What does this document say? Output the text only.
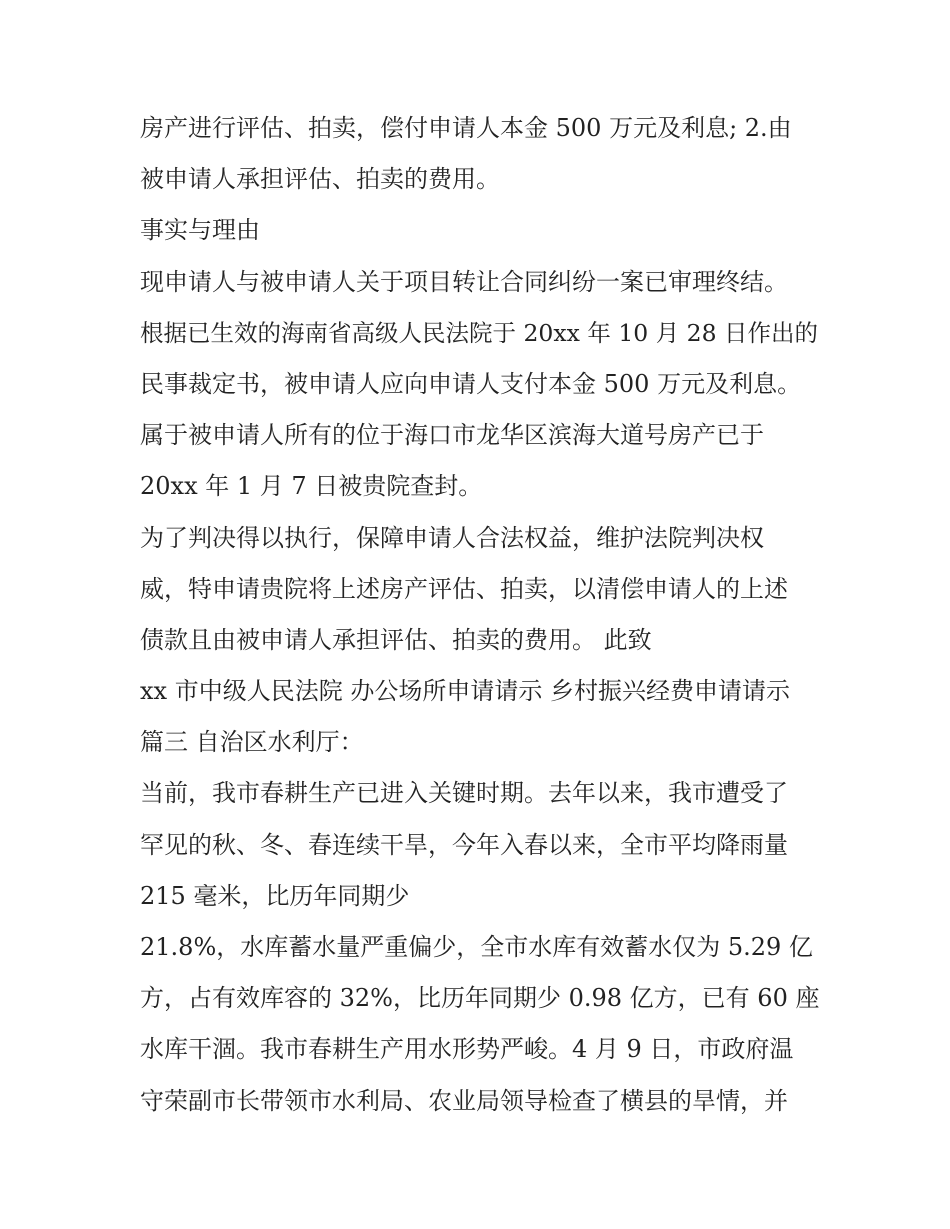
房产进行评估、拍卖，偿付申请人本金 500 万元及利息; 2.由
被申请人承担评估、拍卖的费用。
事实与理由
现申请人与被申请人关于项目转让合同纠纷一案已审理终结。
根据已生效的海南省高级人民法院于 20xx 年 10 月 28 日作出的
民事裁定书，被申请人应向申请人支付本金 500 万元及利息。
属于被申请人所有的位于海口市龙华区滨海大道号房产已于
20xx 年 1 月 7 日被贵院查封。
为了判决得以执行，保障申请人合法权益，维护法院判决权
威，特申请贵院将上述房产评估、拍卖，以清偿申请人的上述
债款且由被申请人承担评估、拍卖的费用。 此致
xx 市中级人民法院 办公场所申请请示 乡村振兴经费申请请示
篇三 自治区水利厅：
当前，我市春耕生产已进入关键时期。去年以来，我市遭受了
罕见的秋、冬、春连续干旱，今年入春以来，全市平均降雨量
215 毫米，比历年同期少
21.8%，水库蓄水量严重偏少，全市水库有效蓄水仅为 5.29 亿
方，占有效库容的 32%，比历年同期少 0.98 亿方，已有 60 座
水库干涸。我市春耕生产用水形势严峻。4 月 9 日，市政府温
守荣副市长带领市水利局、农业局领导检查了横县的旱情，并
